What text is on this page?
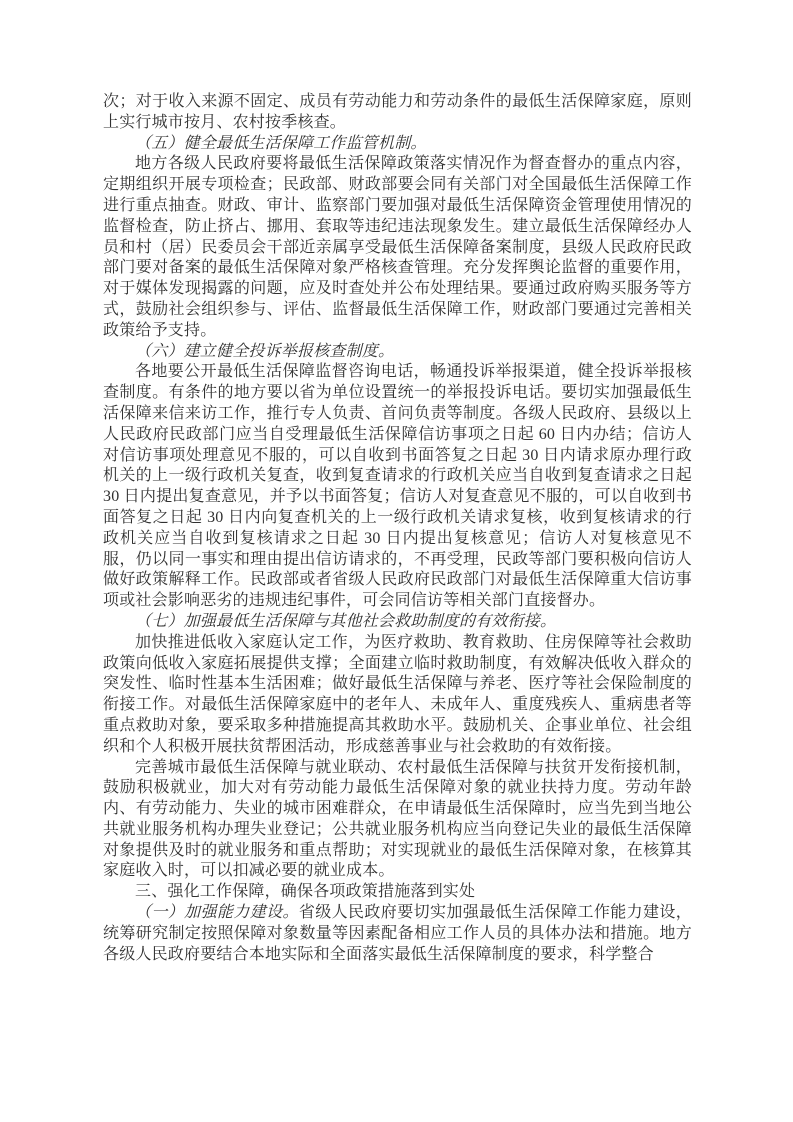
次；对于收入来源不固定、成员有劳动能力和劳动条件的最低生活保障家庭，原则上实行城市按月、农村按季核查。

（五）健全最低生活保障工作监管机制。

地方各级人民政府要将最低生活保障政策落实情况作为督查督办的重点内容，定期组织开展专项检查；民政部、财政部要会同有关部门对全国最低生活保障工作进行重点抽查。财政、审计、监察部门要加强对最低生活保障资金管理使用情况的监督检查，防止挤占、挪用、套取等违纪违法现象发生。建立最低生活保障经办人员和村（居）民委员会干部近亲属享受最低生活保障备案制度，县级人民政府民政部门要对备案的最低生活保障对象严格核查管理。充分发挥舆论监督的重要作用，对于媒体发现揭露的问题，应及时查处并公布处理结果。要通过政府购买服务等方式，鼓励社会组织参与、评估、监督最低生活保障工作，财政部门要通过完善相关政策给予支持。

（六）建立健全投诉举报核查制度。

各地要公开最低生活保障监督咨询电话，畅通投诉举报渠道，健全投诉举报核查制度。有条件的地方要以省为单位设置统一的举报投诉电话。要切实加强最低生活保障来信来访工作，推行专人负责、首问负责等制度。各级人民政府、县级以上人民政府民政部门应当自受理最低生活保障信访事项之日起 60 日内办结；信访人对信访事项处理意见不服的，可以自收到书面答复之日起 30 日内请求原办理行政机关的上一级行政机关复查，收到复查请求的行政机关应当自收到复查请求之日起 30 日内提出复查意见，并予以书面答复；信访人对复查意见不服的，可以自收到书面答复之日起 30 日内向复查机关的上一级行政机关请求复核，收到复核请求的行政机关应当自收到复核请求之日起 30 日内提出复核意见；信访人对复核意见不服，仍以同一事实和理由提出信访请求的，不再受理，民政等部门要积极向信访人做好政策解释工作。民政部或者省级人民政府民政部门对最低生活保障重大信访事项或社会影响恶劣的违规违纪事件，可会同信访等相关部门直接督办。

（七）加强最低生活保障与其他社会救助制度的有效衔接。

加快推进低收入家庭认定工作，为医疗救助、教育救助、住房保障等社会救助政策向低收入家庭拓展提供支撑；全面建立临时救助制度，有效解决低收入群众的突发性、临时性基本生活困难；做好最低生活保障与养老、医疗等社会保险制度的衔接工作。对最低生活保障家庭中的老年人、未成年人、重度残疾人、重病患者等重点救助对象，要采取多种措施提高其救助水平。鼓励机关、企事业单位、社会组织和个人积极开展扶贫帮困活动，形成慈善事业与社会救助的有效衔接。

完善城市最低生活保障与就业联动、农村最低生活保障与扶贫开发衔接机制，鼓励积极就业，加大对有劳动能力最低生活保障对象的就业扶持力度。劳动年龄内、有劳动能力、失业的城市困难群众，在申请最低生活保障时，应当先到当地公共就业服务机构办理失业登记；公共就业服务机构应当向登记失业的最低生活保障对象提供及时的就业服务和重点帮助；对实现就业的最低生活保障对象，在核算其家庭收入时，可以扣减必要的就业成本。

三、强化工作保障，确保各项政策措施落到实处

（一）加强能力建设。省级人民政府要切实加强最低生活保障工作能力建设，统筹研究制定按照保障对象数量等因素配备相应工作人员的具体办法和措施。地方各级人民政府要结合本地实际和全面落实最低生活保障制度的要求，科学整合
